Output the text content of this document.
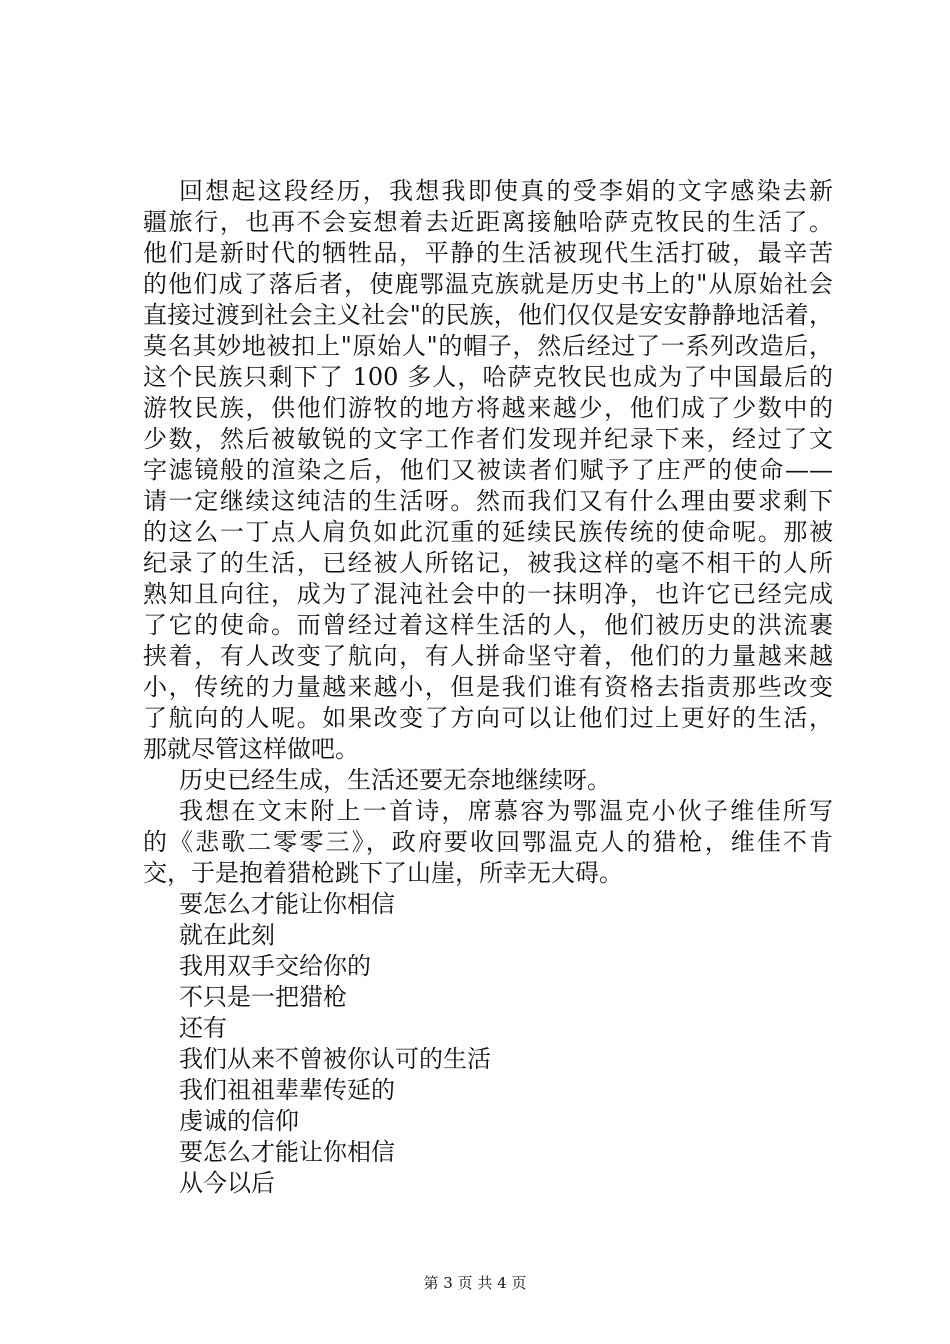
回想起这段经历，我想我即使真的受李娟的文字感染去新
疆旅行，也再不会妄想着去近距离接触哈萨克牧民的生活了。
他们是新时代的牺牲品，平静的生活被现代生活打破，最辛苦
的他们成了落后者，使鹿鄂温克族就是历史书上的"从原始社会
直接过渡到社会主义社会"的民族，他们仅仅是安安静静地活着，
莫名其妙地被扣上"原始人"的帽子，然后经过了一系列改造后，
这个民族只剩下了 100 多人，哈萨克牧民也成为了中国最后的
游牧民族，供他们游牧的地方将越来越少，他们成了少数中的
少数，然后被敏锐的文字工作者们发现并纪录下来，经过了文
字滤镜般的渲染之后，他们又被读者们赋予了庄严的使命——
请一定继续这纯洁的生活呀。然而我们又有什么理由要求剩下
的这么一丁点人肩负如此沉重的延续民族传统的使命呢。那被
纪录了的生活，已经被人所铭记，被我这样的毫不相干的人所
熟知且向往，成为了混沌社会中的一抹明净，也许它已经完成
了它的使命。而曾经过着这样生活的人，他们被历史的洪流裹
挟着，有人改变了航向，有人拼命坚守着，他们的力量越来越
小，传统的力量越来越小，但是我们谁有资格去指责那些改变
了航向的人呢。如果改变了方向可以让他们过上更好的生活，
那就尽管这样做吧。
历史已经生成，生活还要无奈地继续呀。
我想在文末附上一首诗，席慕容为鄂温克小伙子维佳所写
的《悲歌二零零三》，政府要收回鄂温克人的猎枪，维佳不肯
交，于是抱着猎枪跳下了山崖，所幸无大碍。
要怎么才能让你相信
就在此刻
我用双手交给你的
不只是一把猎枪
还有
我们从来不曾被你认可的生活
我们祖祖辈辈传延的
虔诚的信仰
要怎么才能让你相信
从今以后
第 3 页 共 4 页
